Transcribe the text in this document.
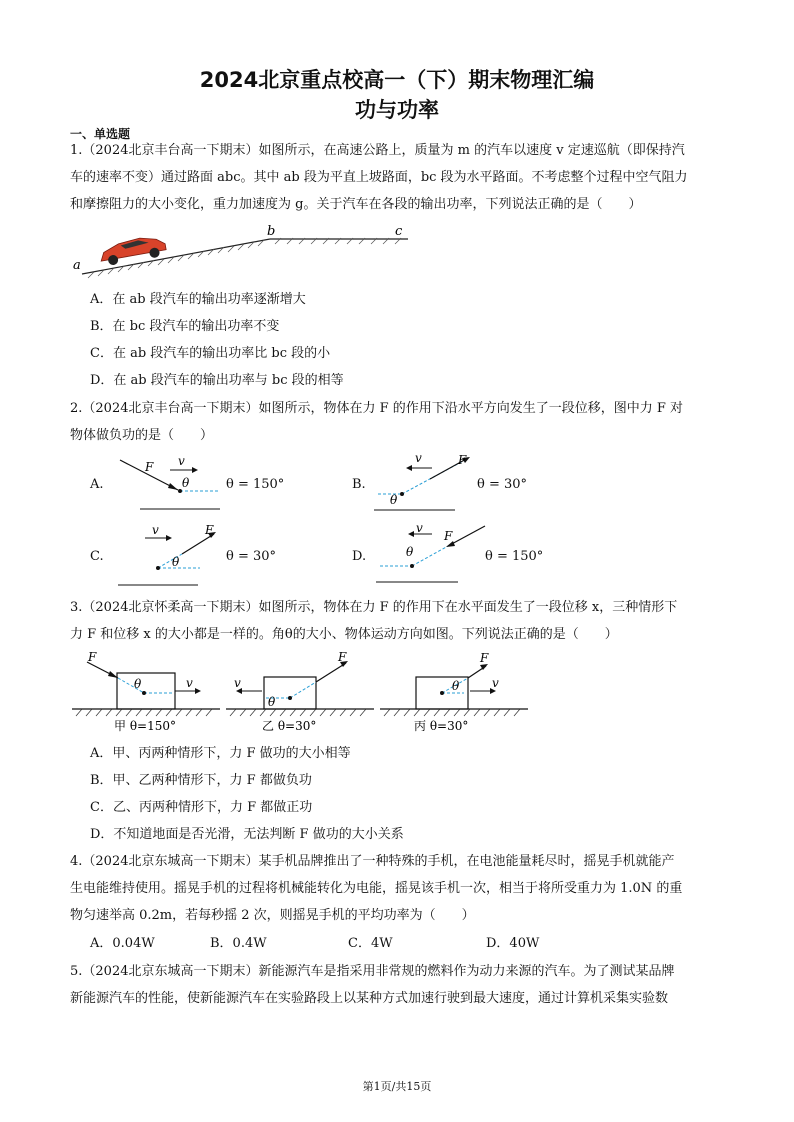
2024北京重点校高一（下）期末物理汇编
功与功率
一、单选题
1.（2024北京丰台高一下期末）如图所示，在高速公路上，质量为 m 的汽车以速度 v 定速巡航（即保持汽
车的速率不变）通过路面 abc。其中 ab 段为平直上坡路面，bc 段为水平路面。不考虑整个过程中空气阻力
和摩擦阻力的大小变化，重力加速度为 g。关于汽车在各段的输出功率，下列说法正确的是（　　）
a
b	c
A．在 ab 段汽车的输出功率逐渐增大
B．在 bc 段汽车的输出功率不变
C．在 ab 段汽车的输出功率比 bc 段的小
D．在 ab 段汽车的输出功率与 bc 段的相等
2.（2024北京丰台高一下期末）如图所示，物体在力 F 的作用下沿水平方向发生了一段位移，图中力 F 对
物体做负功的是（　　）
A.
F v
θ	θ = 150°	B.
F
v
θ
θ = 30°
C.
F
v
θ	θ = 30°	D.
F
v
θ	θ = 150°
3.（2024北京怀柔高一下期末）如图所示，物体在力 F 的作用下在水平面发生了一段位移 x，三种情形下
力 F 和位移 x 的大小都是一样的。角θ的大小、物体运动方向如图。下列说法正确的是（　　）
F
v
θ
甲 θ=150°
F
v
θ
乙 θ=30°
F
v
θ
丙 θ=30°
A．甲、丙两种情形下，力 F 做功的大小相等
B．甲、乙两种情形下，力 F 都做负功
C．乙、丙两种情形下，力 F 都做正功
D．不知道地面是否光滑，无法判断 F 做功的大小关系
4.（2024北京东城高一下期末）某手机品牌推出了一种特殊的手机，在电池能量耗尽时，摇晃手机就能产
生电能维持使用。摇晃手机的过程将机械能转化为电能，摇晃该手机一次，相当于将所受重力为 1.0N 的重
物匀速举高 0.2m，若每秒摇 2 次，则摇晃手机的平均功率为（　　）
A．0.04W	B．0.4W	C．4W	D．40W
5.（2024北京东城高一下期末）新能源汽车是指采用非常规的燃料作为动力来源的汽车。为了测试某品牌
新能源汽车的性能，使新能源汽车在实验路段上以某种方式加速行驶到最大速度，通过计算机采集实验数
第1页/共15页
